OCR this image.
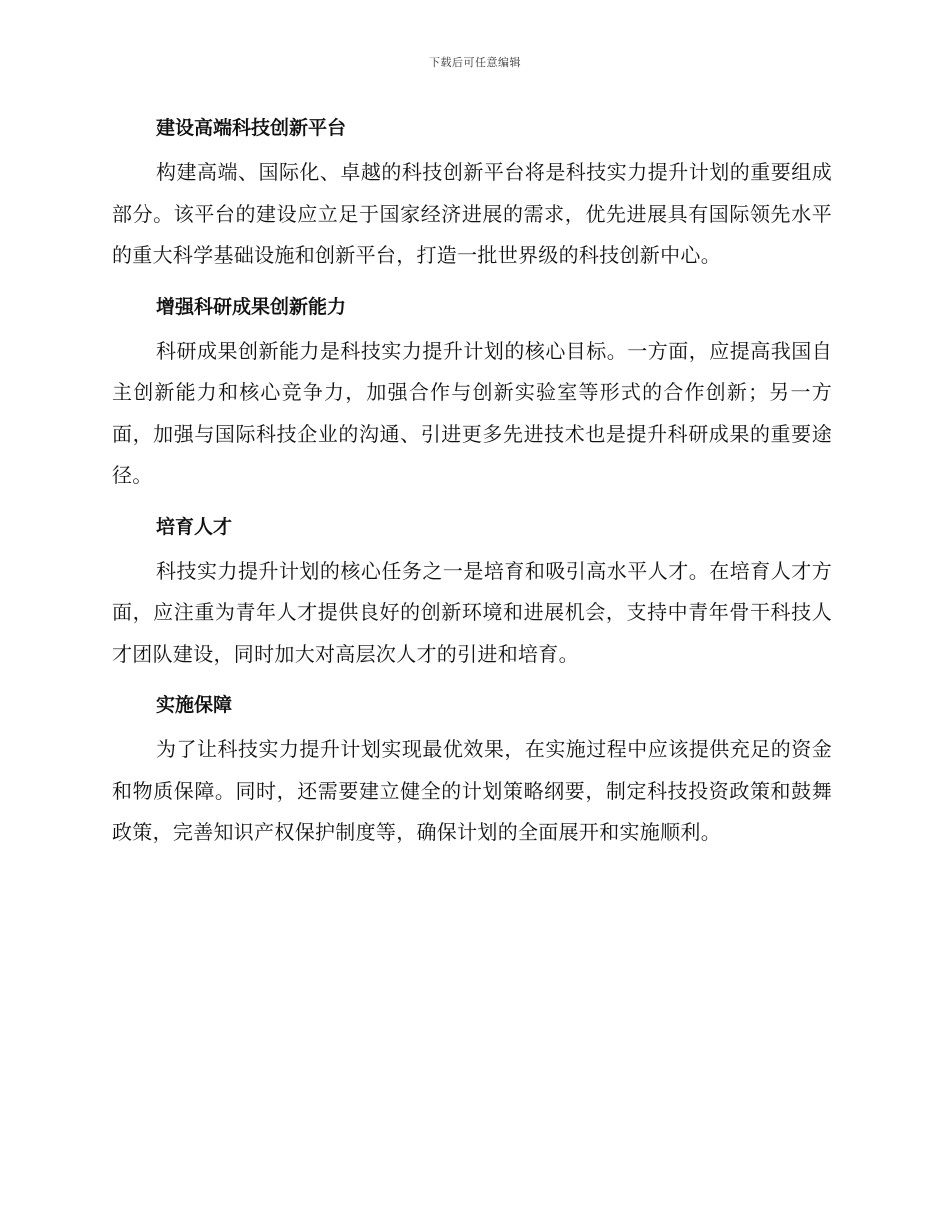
下载后可任意编辑
建设高端科技创新平台

构建高端、国际化、卓越的科技创新平台将是科技实力提升计划的重要组成部分。该平台的建设应立足于国家经济进展的需求，优先进展具有国际领先水平的重大科学基础设施和创新平台，打造一批世界级的科技创新中心。

增强科研成果创新能力

科研成果创新能力是科技实力提升计划的核心目标。一方面，应提高我国自主创新能力和核心竞争力，加强合作与创新实验室等形式的合作创新；另一方面，加强与国际科技企业的沟通、引进更多先进技术也是提升科研成果的重要途径。

培育人才

科技实力提升计划的核心任务之一是培育和吸引高水平人才。在培育人才方面，应注重为青年人才提供良好的创新环境和进展机会，支持中青年骨干科技人才团队建设，同时加大对高层次人才的引进和培育。

实施保障

为了让科技实力提升计划实现最优效果，在实施过程中应该提供充足的资金和物质保障。同时，还需要建立健全的计划策略纲要，制定科技投资政策和鼓舞政策，完善知识产权保护制度等，确保计划的全面展开和实施顺利。
